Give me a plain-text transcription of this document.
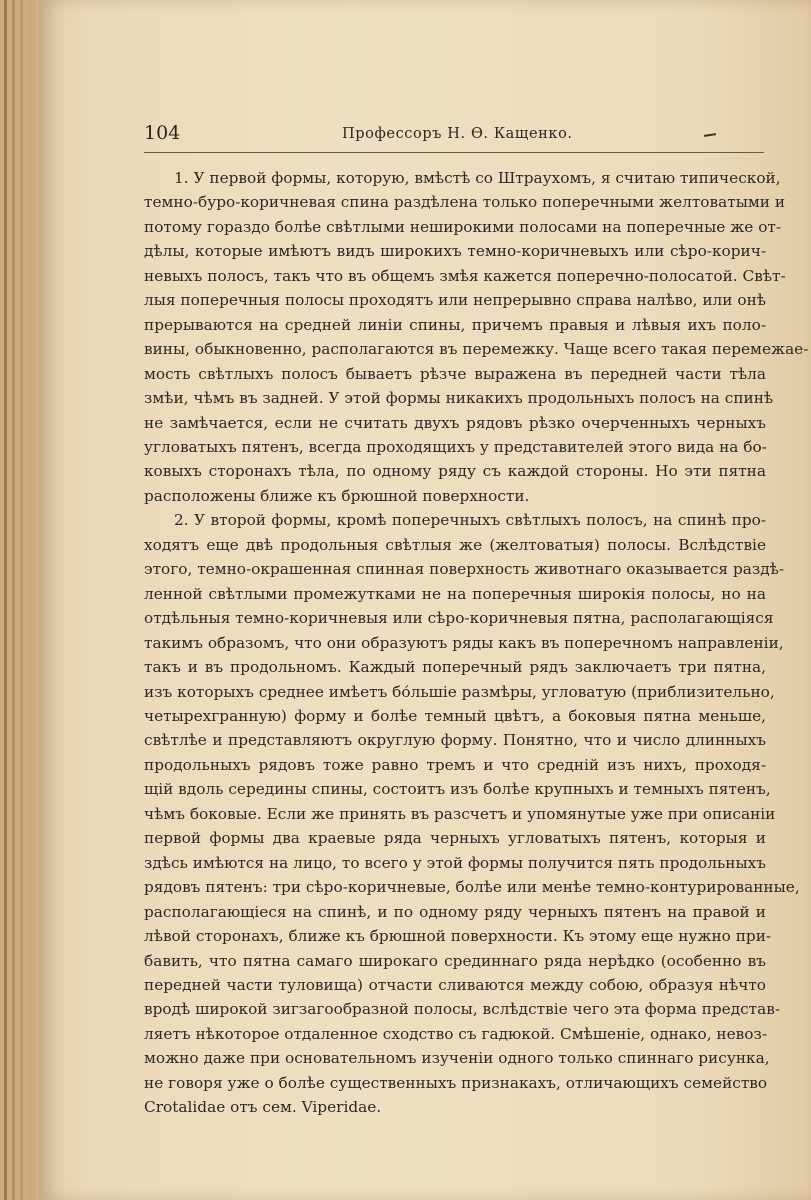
104	Профессоръ Н. Ѳ. Кащенко.
1. У первой формы, которую, вмѣстѣ со Штраухомъ, я считаю типической,
темно-буро-коричневая спина раздѣлена только поперечными желтоватыми и
потому гораздо болѣе свѣтлыми неширокими полосами на поперечные же от-
дѣлы, которые имѣютъ видъ широкихъ темно-коричневыхъ или сѣро-корич-
невыхъ полосъ, такъ что въ общемъ змѣя кажется поперечно-полосатой. Свѣт-
лыя поперечныя полосы проходятъ или непрерывно справа налѣво, или онѣ
прерываются на средней линіи спины, причемъ правыя и лѣвыя ихъ поло-
вины, обыкновенно, располагаются въ перемежку. Чаще всего такая перемежае-
мость свѣтлыхъ полосъ бываетъ рѣзче выражена въ передней части тѣла
змѣи, чѣмъ въ задней. У этой формы никакихъ продольныхъ полосъ на спинѣ
не замѣчается, если не считать двухъ рядовъ рѣзко очерченныхъ черныхъ
угловатыхъ пятенъ, всегда проходящихъ у представителей этого вида на бо-
ковыхъ сторонахъ тѣла, по одному ряду съ каждой стороны. Но эти пятна
расположены ближе къ брюшной поверхности.
2. У второй формы, кромѣ поперечныхъ свѣтлыхъ полосъ, на спинѣ про-
ходятъ еще двѣ продольныя свѣтлыя же (желтоватыя) полосы. Вслѣдствіе
этого, темно-окрашенная спинная поверхность животнаго оказывается раздѣ-
ленной свѣтлыми промежутками не на поперечныя широкія полосы, но на
отдѣльныя темно-коричневыя или сѣро-коричневыя пятна, располагающіяся
такимъ образомъ, что они образуютъ ряды какъ въ поперечномъ направленіи,
такъ и въ продольномъ. Каждый поперечный рядъ заключаетъ три пятна,
изъ которыхъ среднее имѣетъ бо́льшіе размѣры, угловатую (приблизительно,
четырехгранную) форму и болѣе темный цвѣтъ, а боковыя пятна меньше,
свѣтлѣе и представляютъ округлую форму. Понятно, что и число длинныхъ
продольныхъ рядовъ тоже равно тремъ и что средній изъ нихъ, проходя-
щій вдоль середины спины, состоитъ изъ болѣе крупныхъ и темныхъ пятенъ,
чѣмъ боковые. Если же принять въ разсчетъ и упомянутые уже при описаніи
первой формы два краевые ряда черныхъ угловатыхъ пятенъ, которыя и
здѣсь имѣются на лицо, то всего у этой формы получится пять продольныхъ
рядовъ пятенъ: три сѣро-коричневые, болѣе или менѣе темно-контурированные,
располагающіеся на спинѣ, и по одному ряду черныхъ пятенъ на правой и
лѣвой сторонахъ, ближе къ брюшной поверхности. Къ этому еще нужно при-
бавить, что пятна самаго широкаго срединнаго ряда нерѣдко (особенно въ
передней части туловища) отчасти сливаются между собою, образуя нѣчто
вродѣ широкой зигзагообразной полосы, вслѣдствіе чего эта форма представ-
ляетъ нѣкоторое отдаленное сходство съ гадюкой. Смѣшеніе, однако, невоз-
можно даже при основательномъ изученіи одного только спиннаго рисунка,
не говоря уже о болѣе существенныхъ признакахъ, отличающихъ семейство
Crotalidae отъ сем. Viperidae.
